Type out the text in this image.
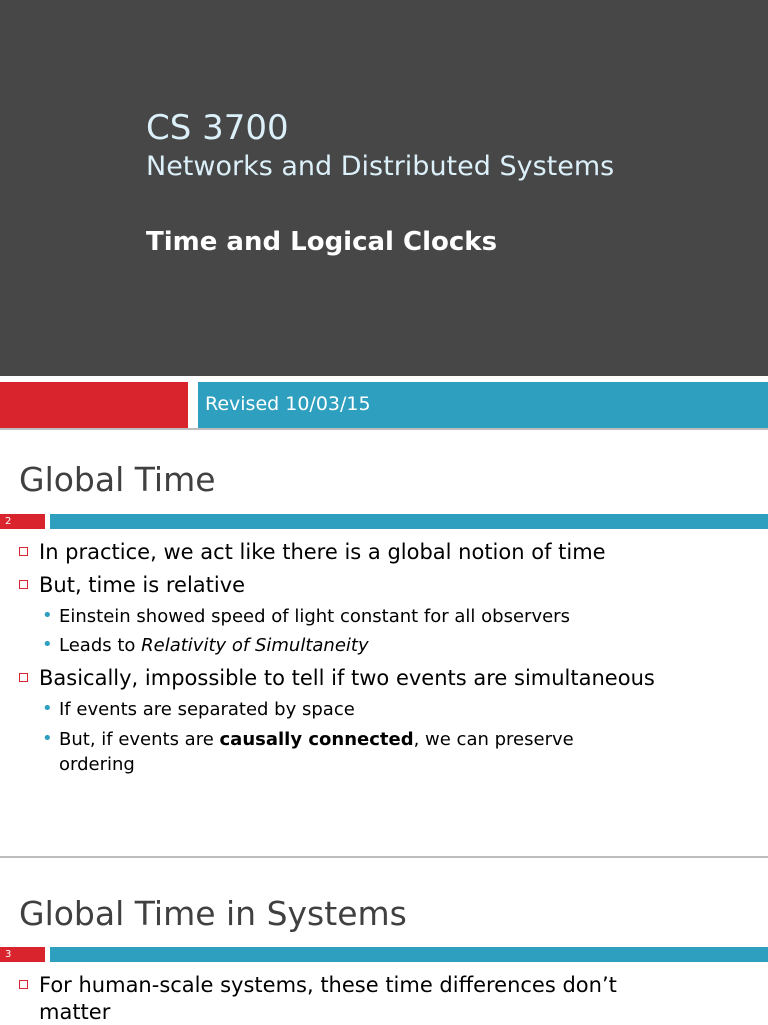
CS 3700
Networks and Distributed Systems
Time and Logical Clocks
Revised 10/03/15
Global Time
2
In practice, we act like there is a global notion of time
But, time is relative
• Einstein showed speed of light constant for all observers
• Leads to Relativity of Simultaneity
Basically, impossible to tell if two events are simultaneous
• If events are separated by space
• But, if events are causally connected, we can preserve
ordering
Global Time in Systems
3
For human-scale systems, these time differences don’t
matter
